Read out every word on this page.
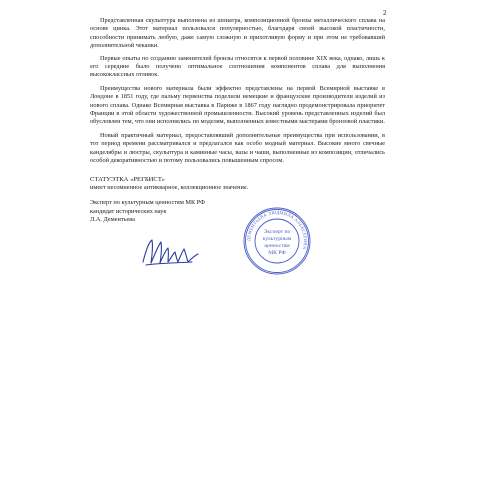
2

Представленная скульптура выполнена из шпиатра, композиционной бронзы металлического сплава на основе цинка. Этот материал пользовался популярностью, благодаря своей высокой пластичности, способности принимать любую, даже самую сложную и прихотливую форму и при этом не требовавший дополнительной чеканки.

Первые опыты по созданию заменителей бронзы относятся к первой половине XIX века, однако, лишь к его середине было получено оптимальное соотношения компонентов сплава для выполнения высококлассных отливок.

Преимущества нового материала были эффектно представлены на первой Всемирной выставке в Лондоне в 1851 году, где пальму первенства поделили немецкие и французские производители изделий из нового сплава. Однако Всемирная выставка в Париже в 1867 году наглядно продемонстрировала приоритет Франции в этой области художественной промышленности. Высокий уровень представленных изделий был обусловлен тем, что они исполнялись по моделям, выполненных известными мастерами бронзовой пластики.

Новый практичный материал, предоставлявший дополнительные преимущества при использовании, в тот период времени рассматривался и предлагался как особо модный материал. Высокие много свечные канделябры и люстры, скульптура и каминные часы, вазы и чаши, выполненные из композиции, отличались особой декоративностью и потому пользовались повышенным спросом.

СТАТУЭТКА «РЕГБИСТ»

имеет несомненное антикварное, коллекционное значение.

Эксперт по культурным ценностям МК РФ

кандидат исторических наук

Л.А. Дементьева

ДЕМЕНТЬЕВА ЛЮДМИЛА АЛЕКСЕЕВНА
Эксперт по
культурным
ценностям
МК РФ
